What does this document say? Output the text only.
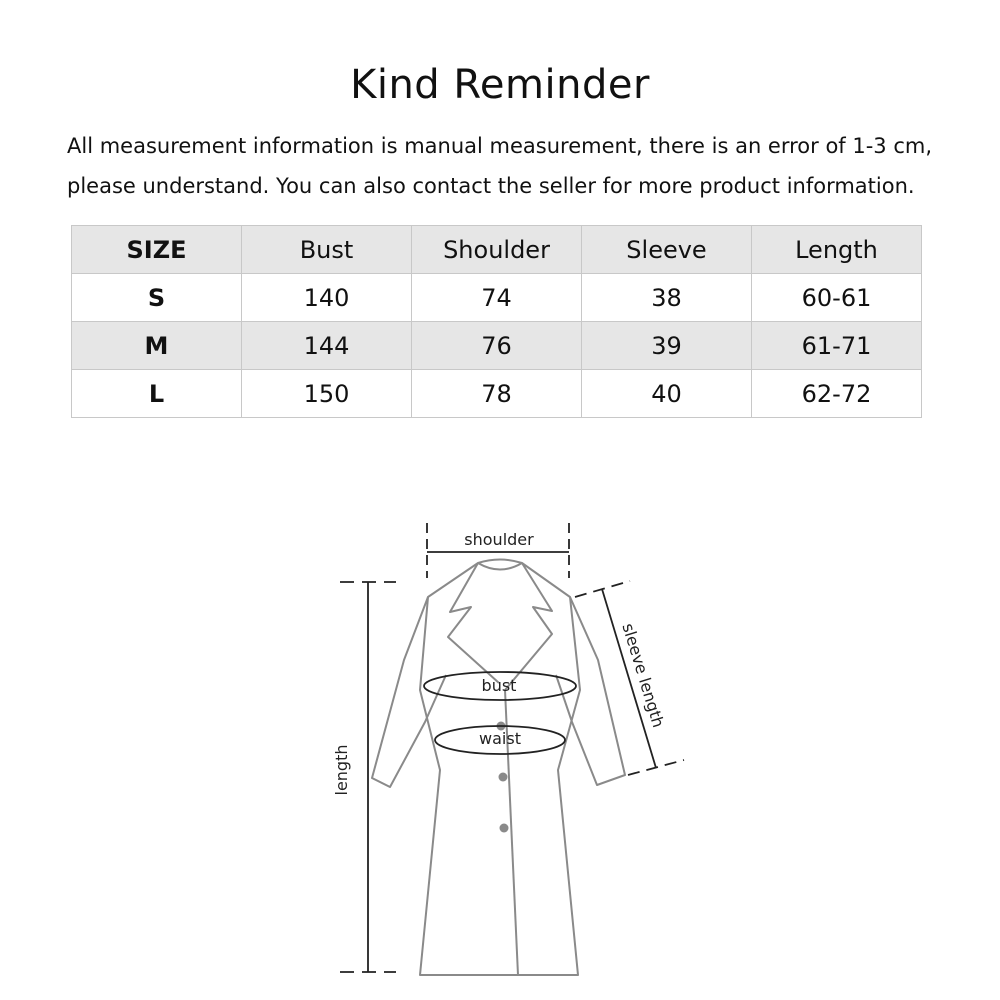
Kind Reminder

All measurement information is manual measurement, there is an error of 1-3 cm,

please understand. You can also contact the seller for more product information.

SIZE	Bust	Shoulder	Sleeve	Length
S	140	74	38	60-61
M	144	76	39	61-71
L	150	78	40	62-72
shoulder
bust
waist
length
sleeve length
